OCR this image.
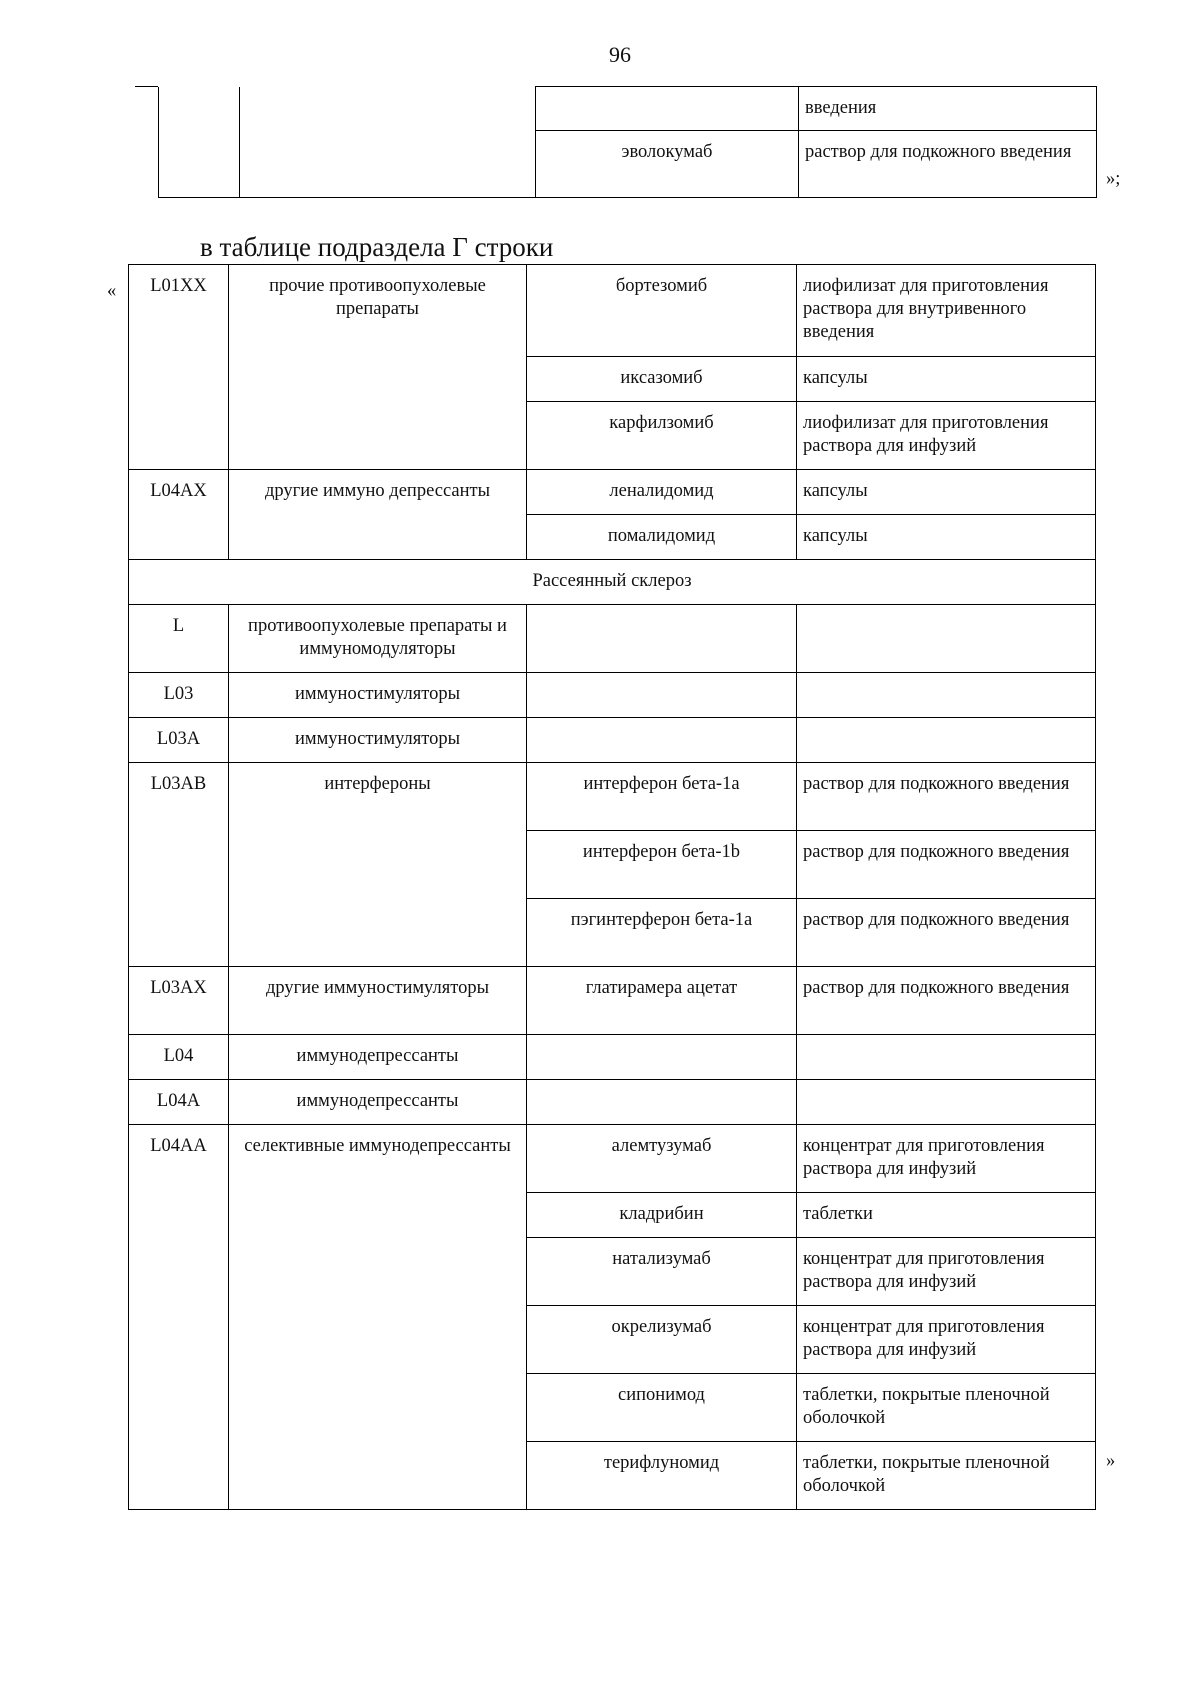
96
			введения
		эволокумаб	раствор для подкожного введения
»;
в таблице подраздела Г строки
« L01XX	прочие противоопухолевые препараты	бортезомиб	лиофилизат для приготовления раствора для внутривенного введения
		иксазомиб	капсулы
		карфилзомиб	лиофилизат для приготовления раствора для инфузий
L04AX	другие иммуно депрессанты	леналидомид	капсулы
		помалидомид	капсулы
Рассеянный склероз			
L	противоопухолевые препараты и иммуномодуляторы		
L03	иммуностимуляторы		
L03A	иммуностимуляторы		
L03AB	интерфероны	интерферон бета-1a	раствор для подкожного введения
		интерферон бета-1b	раствор для подкожного введения
		пэгинтерферон бета-1a	раствор для подкожного введения
L03AX	другие иммуностимуляторы	глатирамера ацетат	раствор для подкожного введения
L04	иммунодепрессанты		
L04A	иммунодепрессанты		
L04AA	селективные иммунодепрессанты	алемтузумаб	концентрат для приготовления раствора для инфузий
		кладрибин	таблетки
		натализумаб	концентрат для приготовления раствора для инфузий
		окрелизумаб	концентрат для приготовления раствора для инфузий
		сипонимод	таблетки, покрытые пленочной оболочкой
		терифлуномид	таблетки, покрытые пленочной оболочкой
»
